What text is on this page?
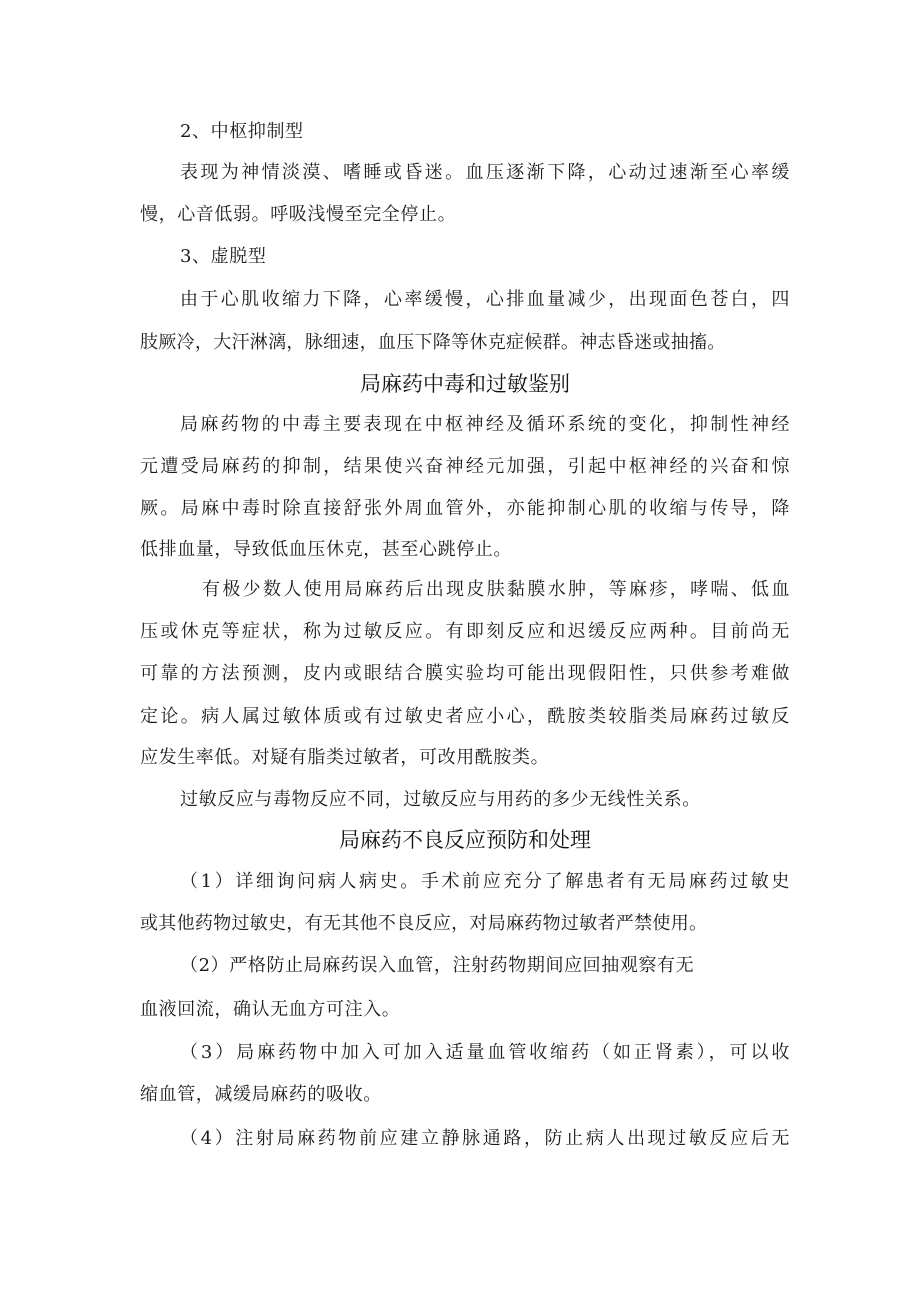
2、中枢抑制型
表现为神情淡漠、嗜睡或昏迷。血压逐渐下降，心动过速渐至心率缓
慢，心音低弱。呼吸浅慢至完全停止。
3、虚脱型
由于心肌收缩力下降，心率缓慢，心排血量减少，出现面色苍白，四
肢厥冷，大汗淋漓，脉细速，血压下降等休克症候群。神志昏迷或抽搐。
局麻药中毒和过敏鉴别
局麻药物的中毒主要表现在中枢神经及循环系统的变化，抑制性神经
元遭受局麻药的抑制，结果使兴奋神经元加强，引起中枢神经的兴奋和惊
厥。局麻中毒时除直接舒张外周血管外，亦能抑制心肌的收缩与传导，降
低排血量，导致低血压休克，甚至心跳停止。
有极少数人使用局麻药后出现皮肤黏膜水肿，等麻疹，哮喘、低血
压或休克等症状，称为过敏反应。有即刻反应和迟缓反应两种。目前尚无
可靠的方法预测，皮内或眼结合膜实验均可能出现假阳性，只供参考难做
定论。病人属过敏体质或有过敏史者应小心，酰胺类较脂类局麻药过敏反
应发生率低。对疑有脂类过敏者，可改用酰胺类。
过敏反应与毒物反应不同，过敏反应与用药的多少无线性关系。
局麻药不良反应预防和处理
（1）详细询问病人病史。手术前应充分了解患者有无局麻药过敏史
或其他药物过敏史，有无其他不良反应，对局麻药物过敏者严禁使用。
（2）严格防止局麻药误入血管，注射药物期间应回抽观察有无
血液回流，确认无血方可注入。
（3）局麻药物中加入可加入适量血管收缩药（如正肾素），可以收
缩血管，减缓局麻药的吸收。
（4）注射局麻药物前应建立静脉通路，防止病人出现过敏反应后无
